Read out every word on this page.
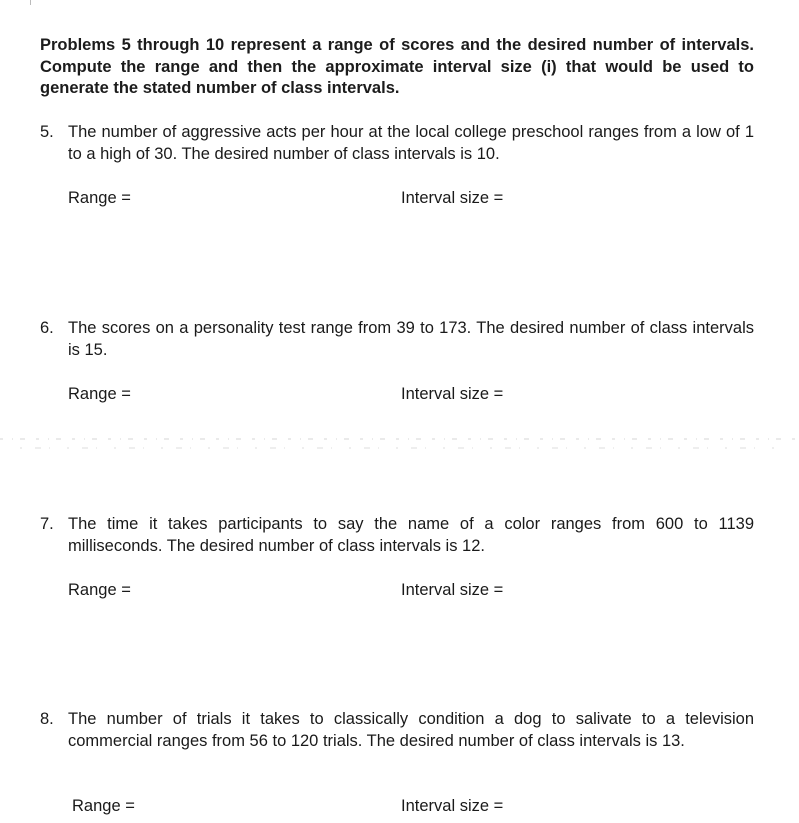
Problems 5 through 10 represent a range of scores and the desired number of intervals. Compute the range and then the approximate interval size (i) that would be used to generate the stated number of class intervals.
5. The number of aggressive acts per hour at the local college preschool ranges from a low of 1 to a high of 30. The desired number of class intervals is 10.
Range =	Interval size =
6. The scores on a personality test range from 39 to 173. The desired number of class intervals is 15.
Range =	Interval size =
7. The time it takes participants to say the name of a color ranges from 600 to 1139 milliseconds. The desired number of class intervals is 12.
Range =	Interval size =
8. The number of trials it takes to classically condition a dog to salivate to a television commercial ranges from 56 to 120 trials. The desired number of class intervals is 13.
Range =	Interval size =
